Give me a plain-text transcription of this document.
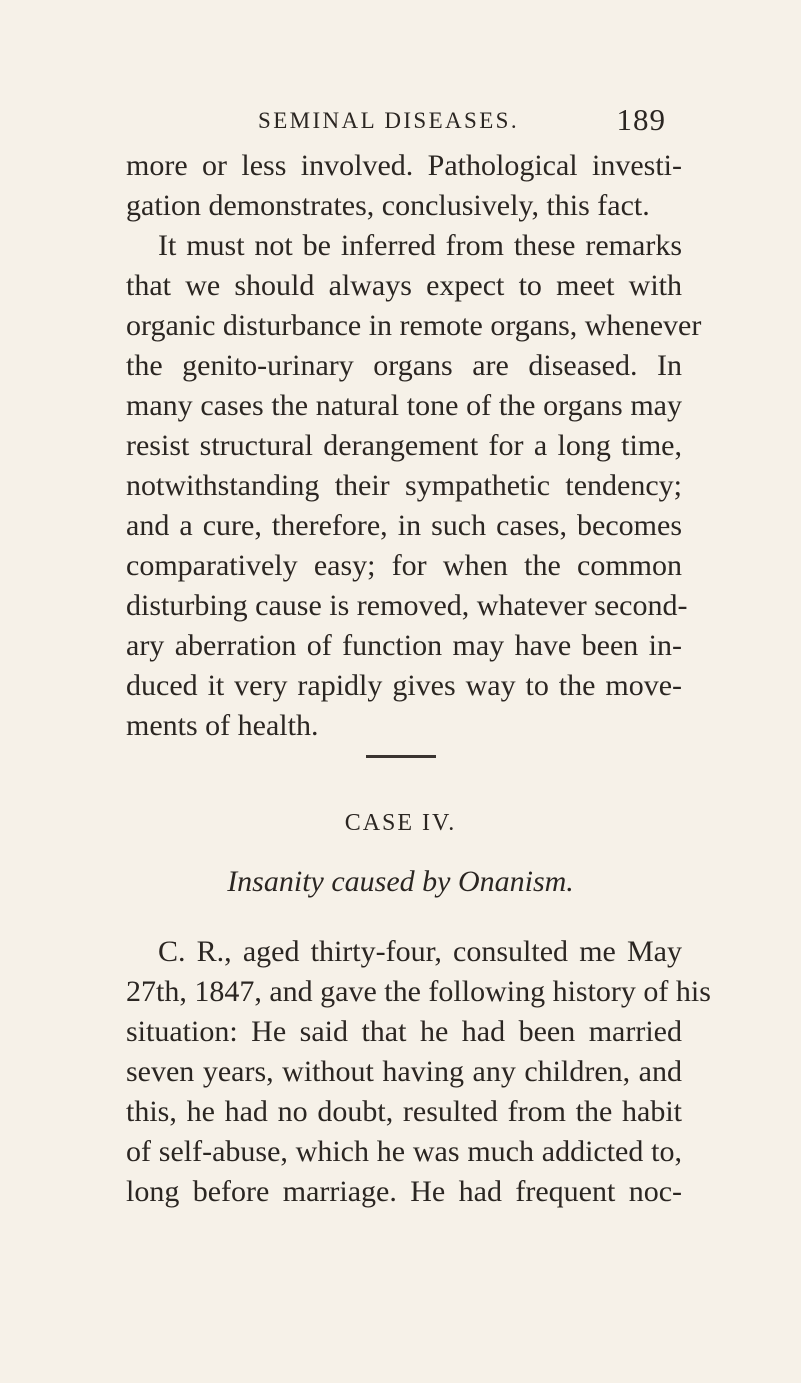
SEMINAL DISEASES.	189
more or less involved. Pathological investi-
gation demonstrates, conclusively, this fact.
It must not be inferred from these remarks
that we should always expect to meet with
organic disturbance in remote organs, whenever
the genito-urinary organs are diseased. In
many cases the natural tone of the organs may
resist structural derangement for a long time,
notwithstanding their sympathetic tendency;
and a cure, therefore, in such cases, becomes
comparatively easy; for when the common
disturbing cause is removed, whatever second-
ary aberration of function may have been in-
duced it very rapidly gives way to the move-
ments of health.
CASE IV.
Insanity caused by Onanism.
C. R., aged thirty-four, consulted me May
27th, 1847, and gave the following history of his
situation: He said that he had been married
seven years, without having any children, and
this, he had no doubt, resulted from the habit
of self-abuse, which he was much addicted to,
long before marriage. He had frequent noc-
